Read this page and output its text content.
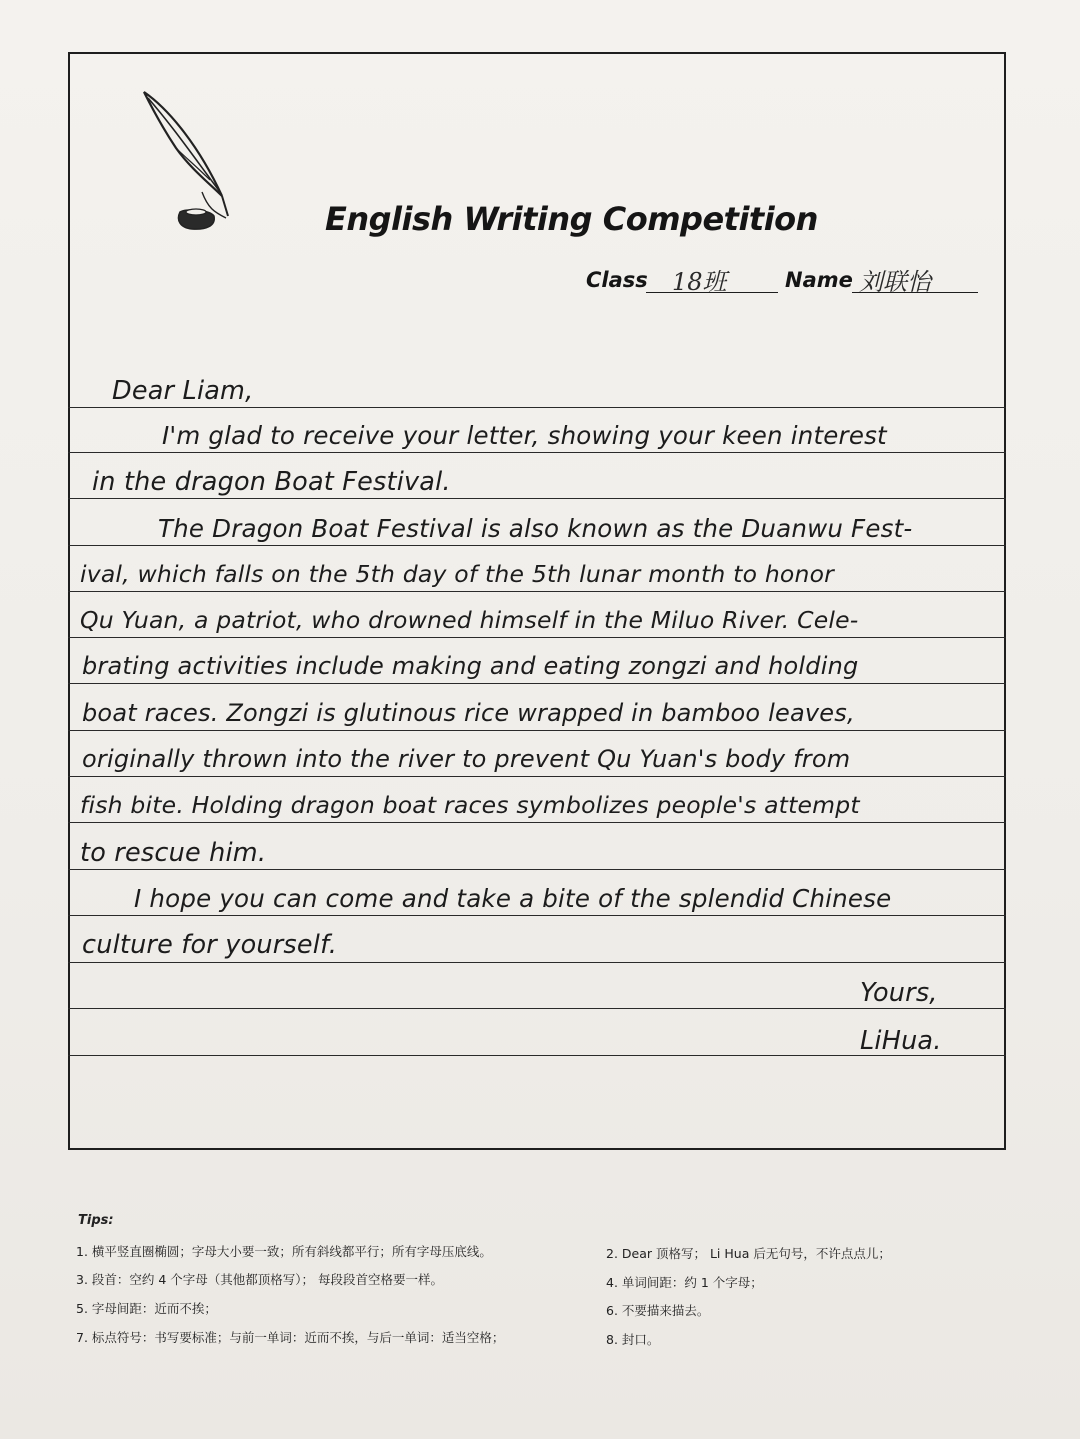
English Writing Competition
Class 18班	Name 刘联怡
Dear Liam,
I'm glad to receive your letter, showing your keen interest
in the dragon Boat Festival.
The Dragon Boat Festival is also known as the Duanwu Fest-
ival, which falls on the 5th day of the 5th lunar month to honor
Qu Yuan, a patriot, who drowned himself in the Miluo River. Cele-
brating activities include making and eating zongzi and holding
boat races. Zongzi is glutinous rice wrapped in bamboo leaves,
originally thrown into the river to prevent Qu Yuan's body from
fish bite. Holding dragon boat races symbolizes people's attempt
to rescue him.
I hope you can come and take a bite of the splendid Chinese
culture for yourself.
Yours,
LiHua.
Tips:
1. 横平竖直圈椭圆；字母大小要一致；所有斜线都平行；所有字母压底线。	2. Dear 顶格写； Li Hua 后无句号，不许点点儿；
3. 段首：空约 4 个字母（其他都顶格写）； 每段段首空格要一样。	4. 单词间距：约 1 个字母；
5. 字母间距：近而不挨；	6. 不要描来描去。
7. 标点符号：书写要标准；与前一单词：近而不挨，与后一单词：适当空格；	8. 封口。
